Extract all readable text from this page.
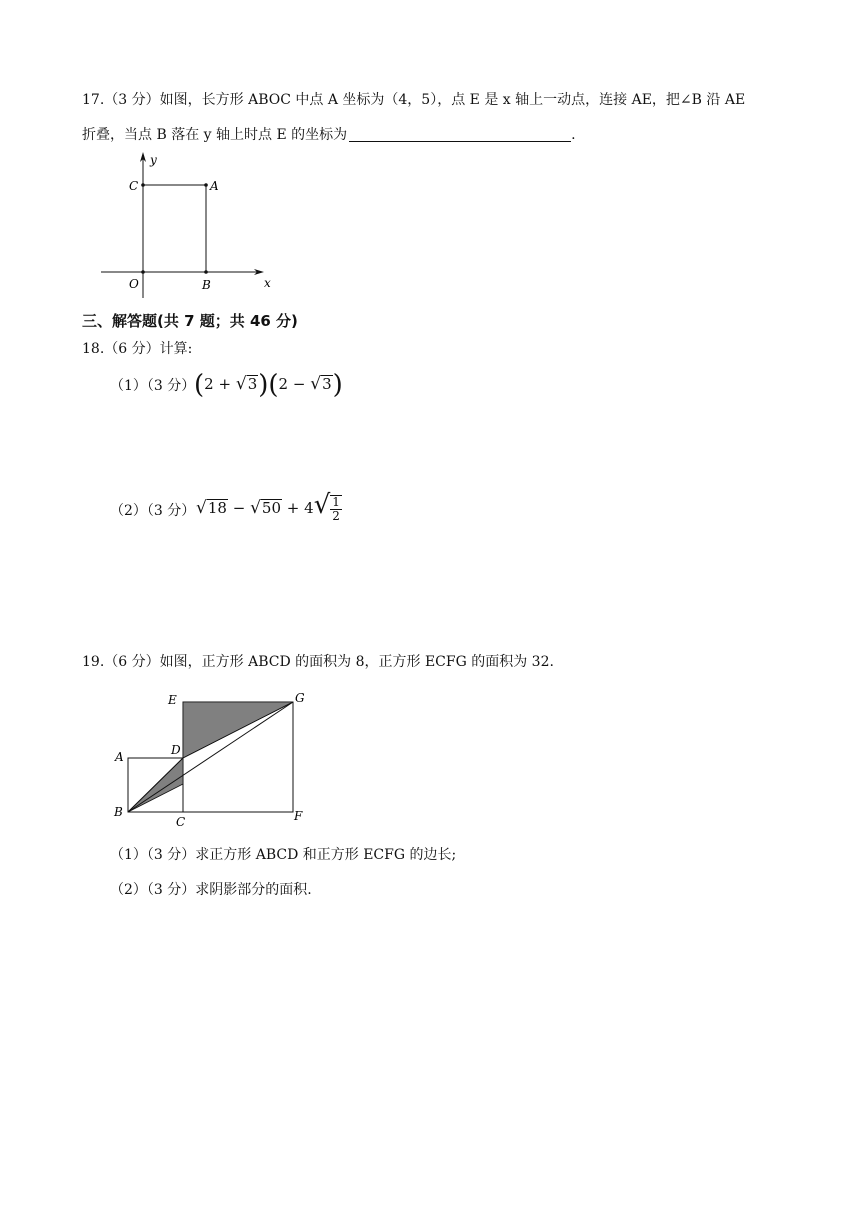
17.（3 分）如图，长方形 ABOC 中点 A 坐标为（4，5），点 E 是 x 轴上一动点，连接 AE，把∠B 沿 AE
折叠，当点 B 落在 y 轴上时点 E 的坐标为	.
y
C	A
O	B	x
三、解答题(共 7 题；共 46 分)
18.（6 分）计算:
（1）（3 分）
(2 + √3)(2 − √3)
（2）（3 分） $√18 - √50 + 4√ \frac{1}{2}$
19.（6 分）如图，正方形 ABCD 的面积为 8，正方形 ECFG 的面积为 32.
E	G
D
A
B
C	F
（1）（3 分）求正方形 ABCD 和正方形 ECFG 的边长;
（2）（3 分）求阴影部分的面积.
